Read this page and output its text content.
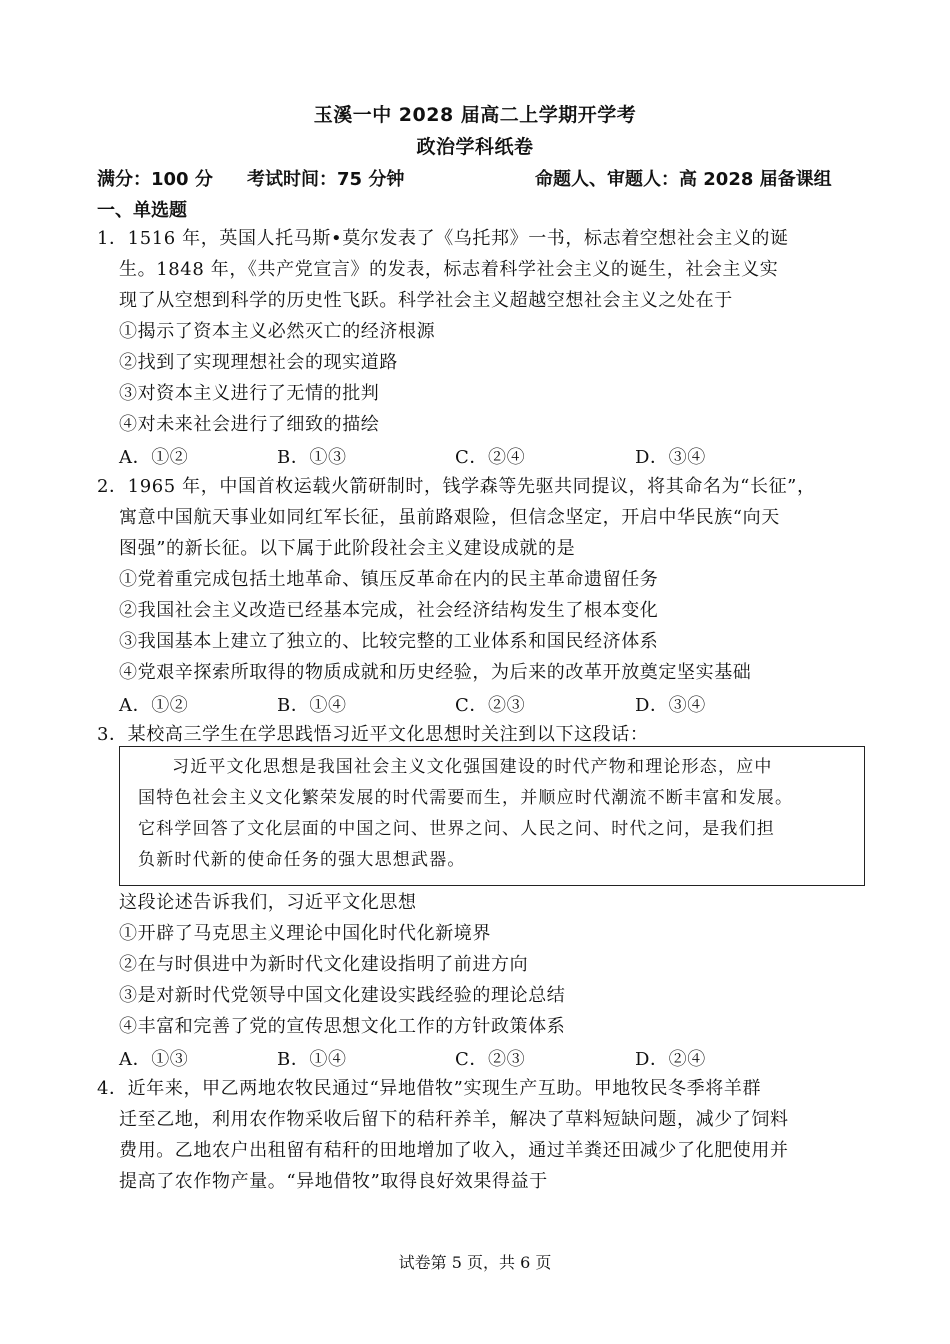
玉溪一中 2028 届高二上学期开学考
政治学科纸卷
满分：100 分 考试时间：75 分钟	命题人、审题人：高 2028 届备课组
一、单选题
1．1516 年，英国人托马斯•莫尔发表了《乌托邦》一书，标志着空想社会主义的诞
生。1848 年，《共产党宣言》的发表，标志着科学社会主义的诞生，社会主义实
现了从空想到科学的历史性飞跃。科学社会主义超越空想社会主义之处在于
①揭示了资本主义必然灭亡的经济根源
②找到了实现理想社会的现实道路
③对资本主义进行了无情的批判
④对未来社会进行了细致的描绘
A．①②	B．①③	C．②④	D．③④
2．1965 年，中国首枚运载火箭研制时，钱学森等先驱共同提议，将其命名为“长征”，
寓意中国航天事业如同红军长征，虽前路艰险，但信念坚定，开启中华民族“向天
图强”的新长征。以下属于此阶段社会主义建设成就的是
①党着重完成包括土地革命、镇压反革命在内的民主革命遗留任务
②我国社会主义改造已经基本完成，社会经济结构发生了根本变化
③我国基本上建立了独立的、比较完整的工业体系和国民经济体系
④党艰辛探索所取得的物质成就和历史经验，为后来的改革开放奠定坚实基础
A．①②	B．①④	C．②③	D．③④
3．某校高三学生在学思践悟习近平文化思想时关注到以下这段话：
习近平文化思想是我国社会主义文化强国建设的时代产物和理论形态，应中
国特色社会主义文化繁荣发展的时代需要而生，并顺应时代潮流不断丰富和发展。
它科学回答了文化层面的中国之问、世界之问、人民之问、时代之问，是我们担
负新时代新的使命任务的强大思想武器。
这段论述告诉我们，习近平文化思想
①开辟了马克思主义理论中国化时代化新境界
②在与时俱进中为新时代文化建设指明了前进方向
③是对新时代党领导中国文化建设实践经验的理论总结
④丰富和完善了党的宣传思想文化工作的方针政策体系
A．①③	B．①④	C．②③	D．②④
4．近年来，甲乙两地农牧民通过“异地借牧”实现生产互助。甲地牧民冬季将羊群
迁至乙地，利用农作物采收后留下的秸秆养羊，解决了草料短缺问题，减少了饲料
费用。乙地农户出租留有秸秆的田地增加了收入，通过羊粪还田减少了化肥使用并
提高了农作物产量。“异地借牧”取得良好效果得益于
试卷第 5 页，共 6 页
